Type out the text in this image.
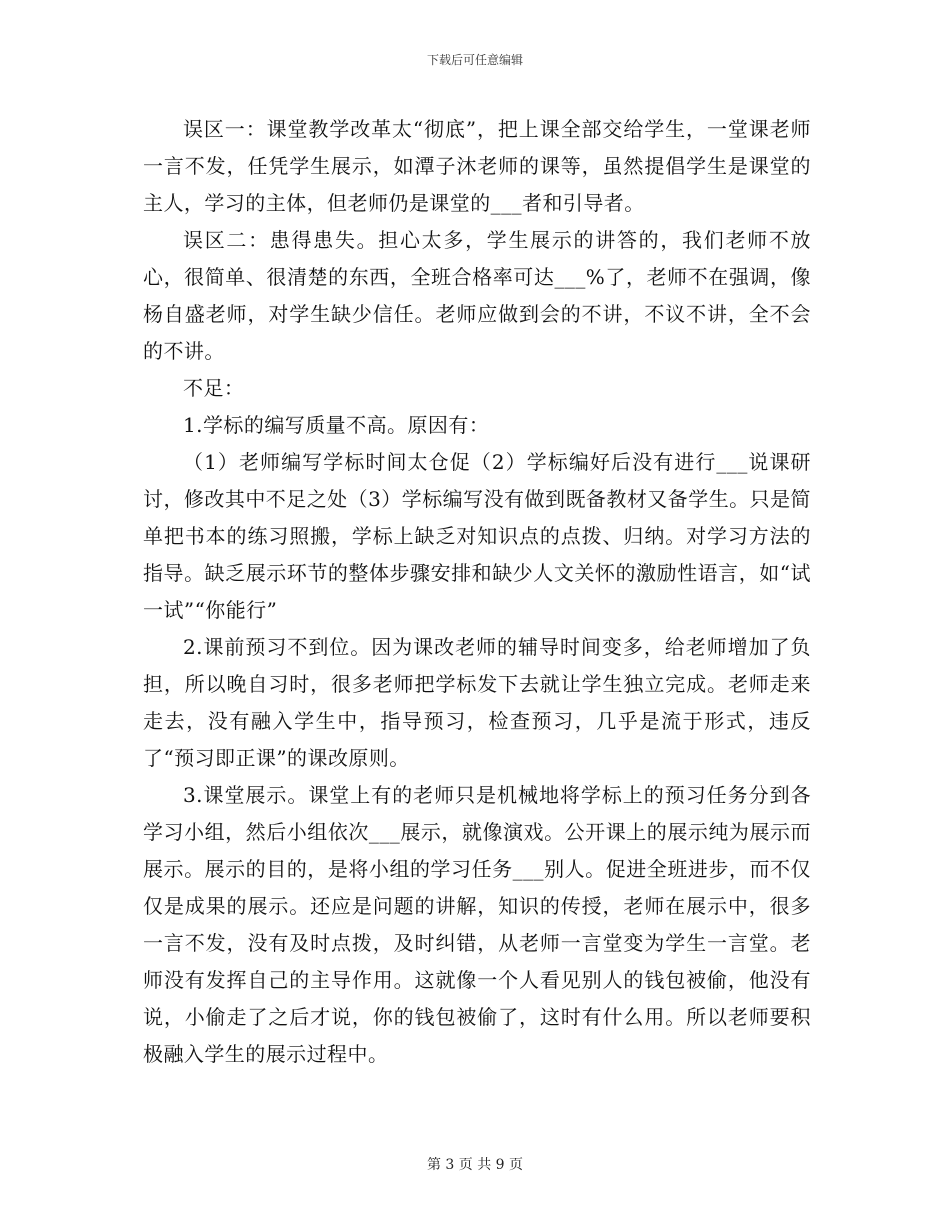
下载后可任意编辑

误区一：课堂教学改革太“彻底”，把上课全部交给学生，一堂课老师一言不发，任凭学生展示，如潭子沐老师的课等，虽然提倡学生是课堂的主人，学习的主体，但老师仍是课堂的___者和引导者。

误区二：患得患失。担心太多，学生展示的讲答的，我们老师不放心，很简单、很清楚的东西，全班合格率可达___%了，老师不在强调，像杨自盛老师，对学生缺少信任。老师应做到会的不讲，不议不讲，全不会的不讲。

不足：

1.学标的编写质量不高。原因有：

（1）老师编写学标时间太仓促（2）学标编好后没有进行___说课研讨，修改其中不足之处（3）学标编写没有做到既备教材又备学生。只是简单把书本的练习照搬，学标上缺乏对知识点的点拨、归纳。对学习方法的指导。缺乏展示环节的整体步骤安排和缺少人文关怀的激励性语言，如“试一试”“你能行”

2.课前预习不到位。因为课改老师的辅导时间变多，给老师增加了负担，所以晚自习时，很多老师把学标发下去就让学生独立完成。老师走来走去，没有融入学生中，指导预习，检查预习，几乎是流于形式，违反了“预习即正课”的课改原则。

3.课堂展示。课堂上有的老师只是机械地将学标上的预习任务分到各学习小组，然后小组依次___展示，就像演戏。公开课上的展示纯为展示而展示。展示的目的，是将小组的学习任务___别人。促进全班进步，而不仅仅是成果的展示。还应是问题的讲解，知识的传授，老师在展示中，很多一言不发，没有及时点拨，及时纠错，从老师一言堂变为学生一言堂。老师没有发挥自己的主导作用。这就像一个人看见别人的钱包被偷，他没有说，小偷走了之后才说，你的钱包被偷了，这时有什么用。所以老师要积极融入学生的展示过程中。

第 3 页 共 9 页
